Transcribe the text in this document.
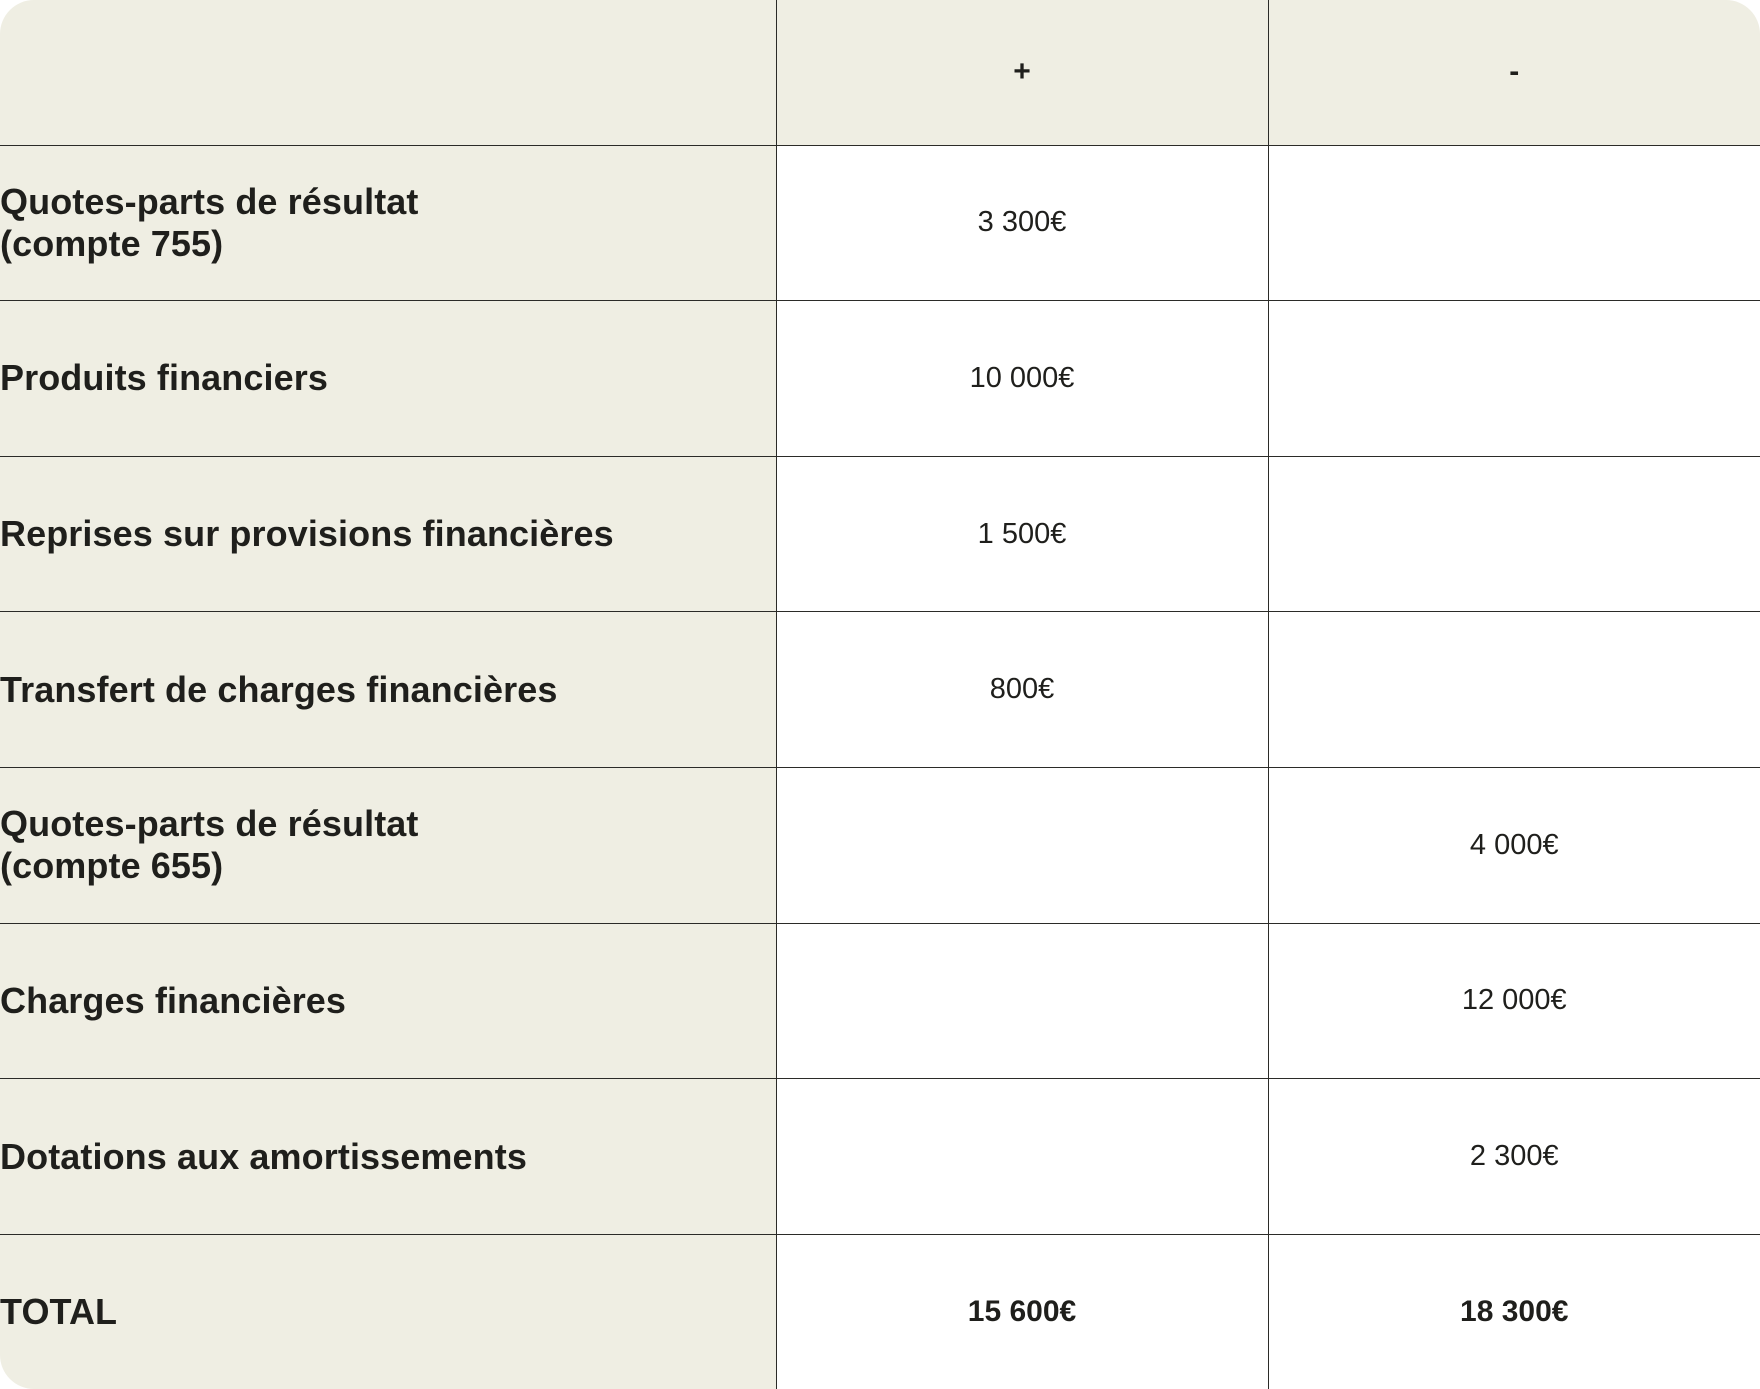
	+	-
Quotes-parts de résultat
(compte 755)	3 300€	
Produits financiers	10 000€	
Reprises sur provisions financières	1 500€	
Transfert de charges financières	800€	
Quotes-parts de résultat
(compte 655)		4 000€
Charges financières		12 000€
Dotations aux amortissements		2 300€
TOTAL	15 600€	18 300€
